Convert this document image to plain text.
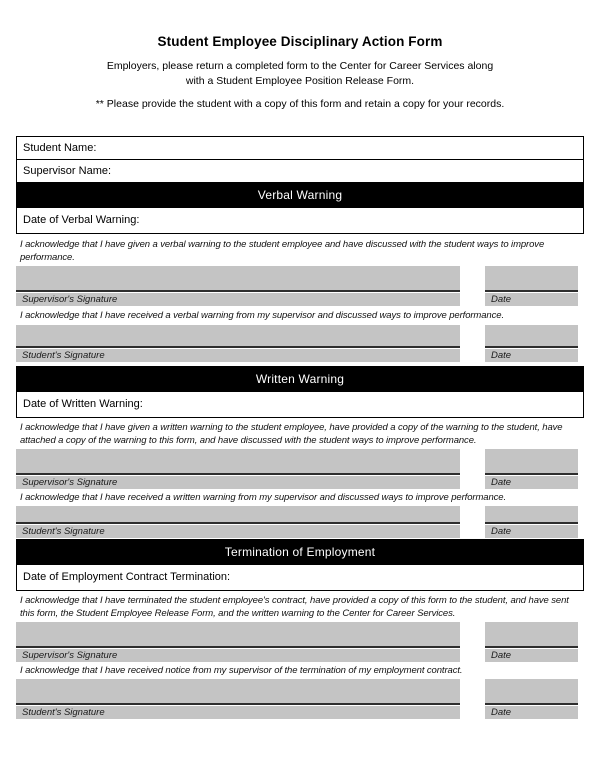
Student Employee Disciplinary Action Form
Employers, please return a completed form to the Center for Career Services along
with a Student Employee Position Release Form.
** Please provide the student with a copy of this form and retain a copy for your records.
Student Name:
Supervisor Name:
Verbal Warning
Date of Verbal Warning:

I acknowledge that I have given a verbal warning to the student employee and have discussed with the student ways to improve performance.

Supervisor's Signature	Date

I acknowledge that I have received a verbal warning from my supervisor and discussed ways to improve performance.

Student's Signature	Date
Written Warning
Date of Written Warning:

I acknowledge that I have given a written warning to the student employee, have provided a copy of the warning to the student, have attached a copy of the warning to this form, and have discussed with the student ways to improve performance.

Supervisor's Signature	Date

I acknowledge that I have received a written warning from my supervisor and discussed ways to improve performance.

Student's Signature	Date
Termination of Employment
Date of Employment Contract Termination:

I acknowledge that I have terminated the student employee's contract, have provided a copy of this form to the student, and have sent this form, the Student Employee Release Form, and the written warning to the Center for Career Services.

Supervisor's Signature	Date

I acknowledge that I have received notice from my supervisor of the termination of my employment contract.

Student's Signature	Date
